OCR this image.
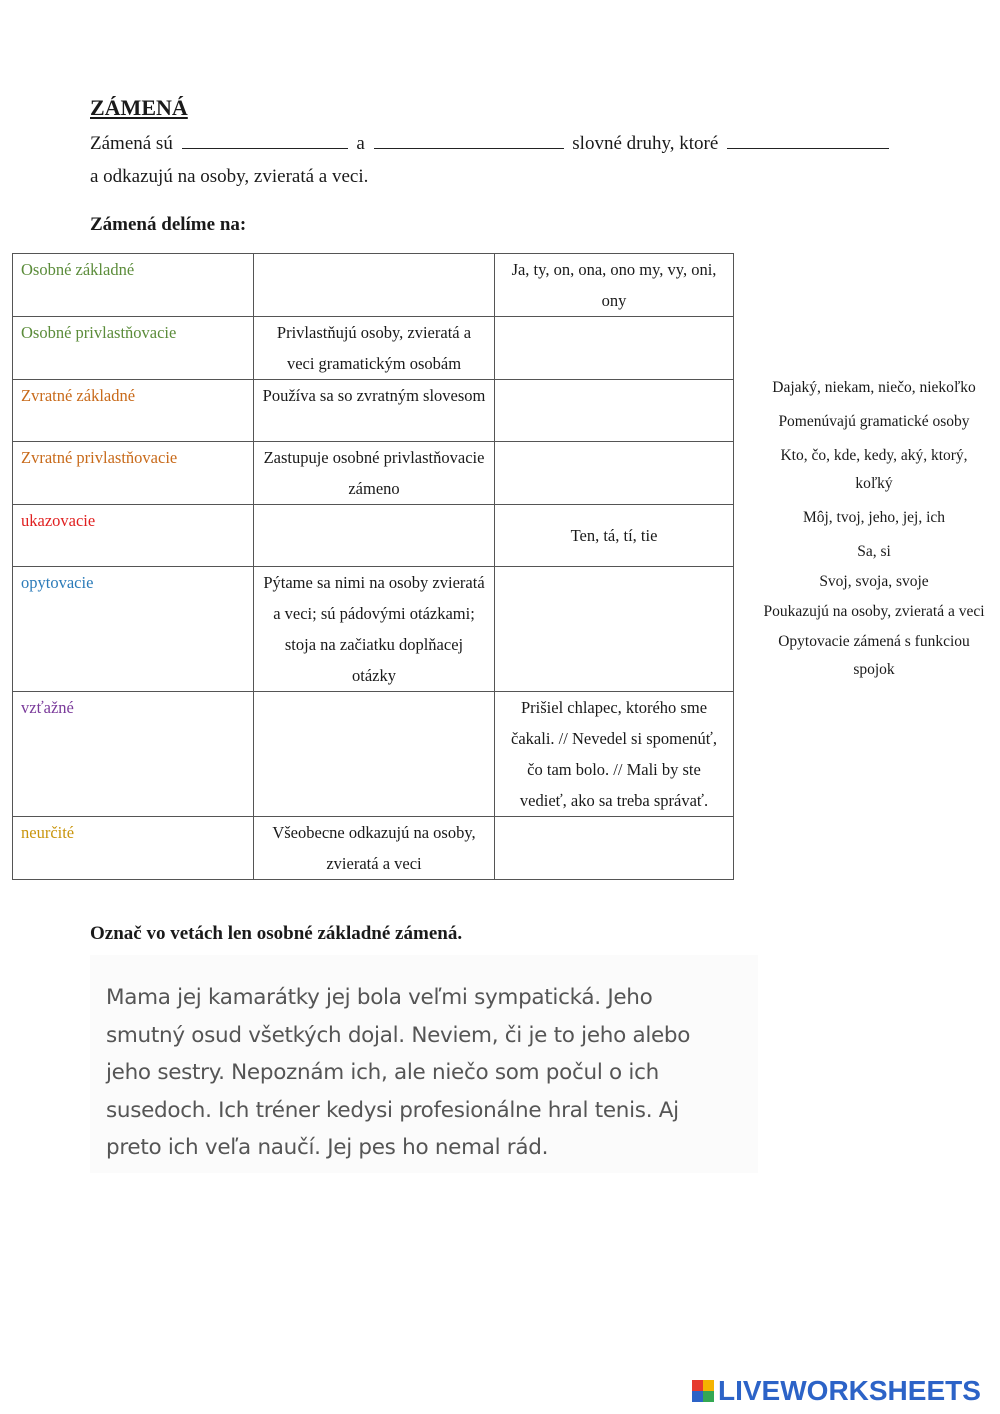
ZÁMENÁ
Zámená sú	a	slovné druhy, ktoré
a odkazujú na osoby, zvieratá a veci.
Zámená delíme na:
Osobné základné		Ja, ty, on, ona, ono my, vy, oni, ony
Osobné privlastňovacie	Privlastňujú osoby, zvieratá a veci gramatickým osobám	
Zvratné základné	Používa sa so zvratným slovesom	
Zvratné privlastňovacie	Zastupuje osobné privlastňovacie zámeno	
ukazovacie		Ten, tá, tí, tie
opytovacie	Pýtame sa nimi na osoby zvieratá a veci; sú pádovými otázkami; stoja na začiatku doplňacej otázky	
vzťažné		Prišiel chlapec, ktorého sme čakali. // Nevedel si spomenúť, čo tam bolo. // Mali by ste vedieť, ako sa treba správať.
neurčité	Všeobecne odkazujú na osoby, zvieratá a veci	
Dajaký, niekam, niečo, niekoľko
Pomenúvajú gramatické osoby
Kto, čo, kde, kedy, aký, ktorý, koľký
Môj, tvoj, jeho, jej, ich
Sa, si
Svoj, svoja, svoje
Poukazujú na osoby, zvieratá a veci
Opytovacie zámená s funkciou spojok
Označ vo vetách len osobné základné zámená.

Mama jej kamarátky jej bola veľmi sympatická. Jeho smutný osud všetkých dojal. Neviem, či je to jeho alebo jeho sestry. Nepoznám ich, ale niečo som počul o ich susedoch. Ich tréner kedysi profesionálne hral tenis. Aj preto ich veľa naučí. Jej pes ho nemal rád.

LIVEWORKSHEETS
